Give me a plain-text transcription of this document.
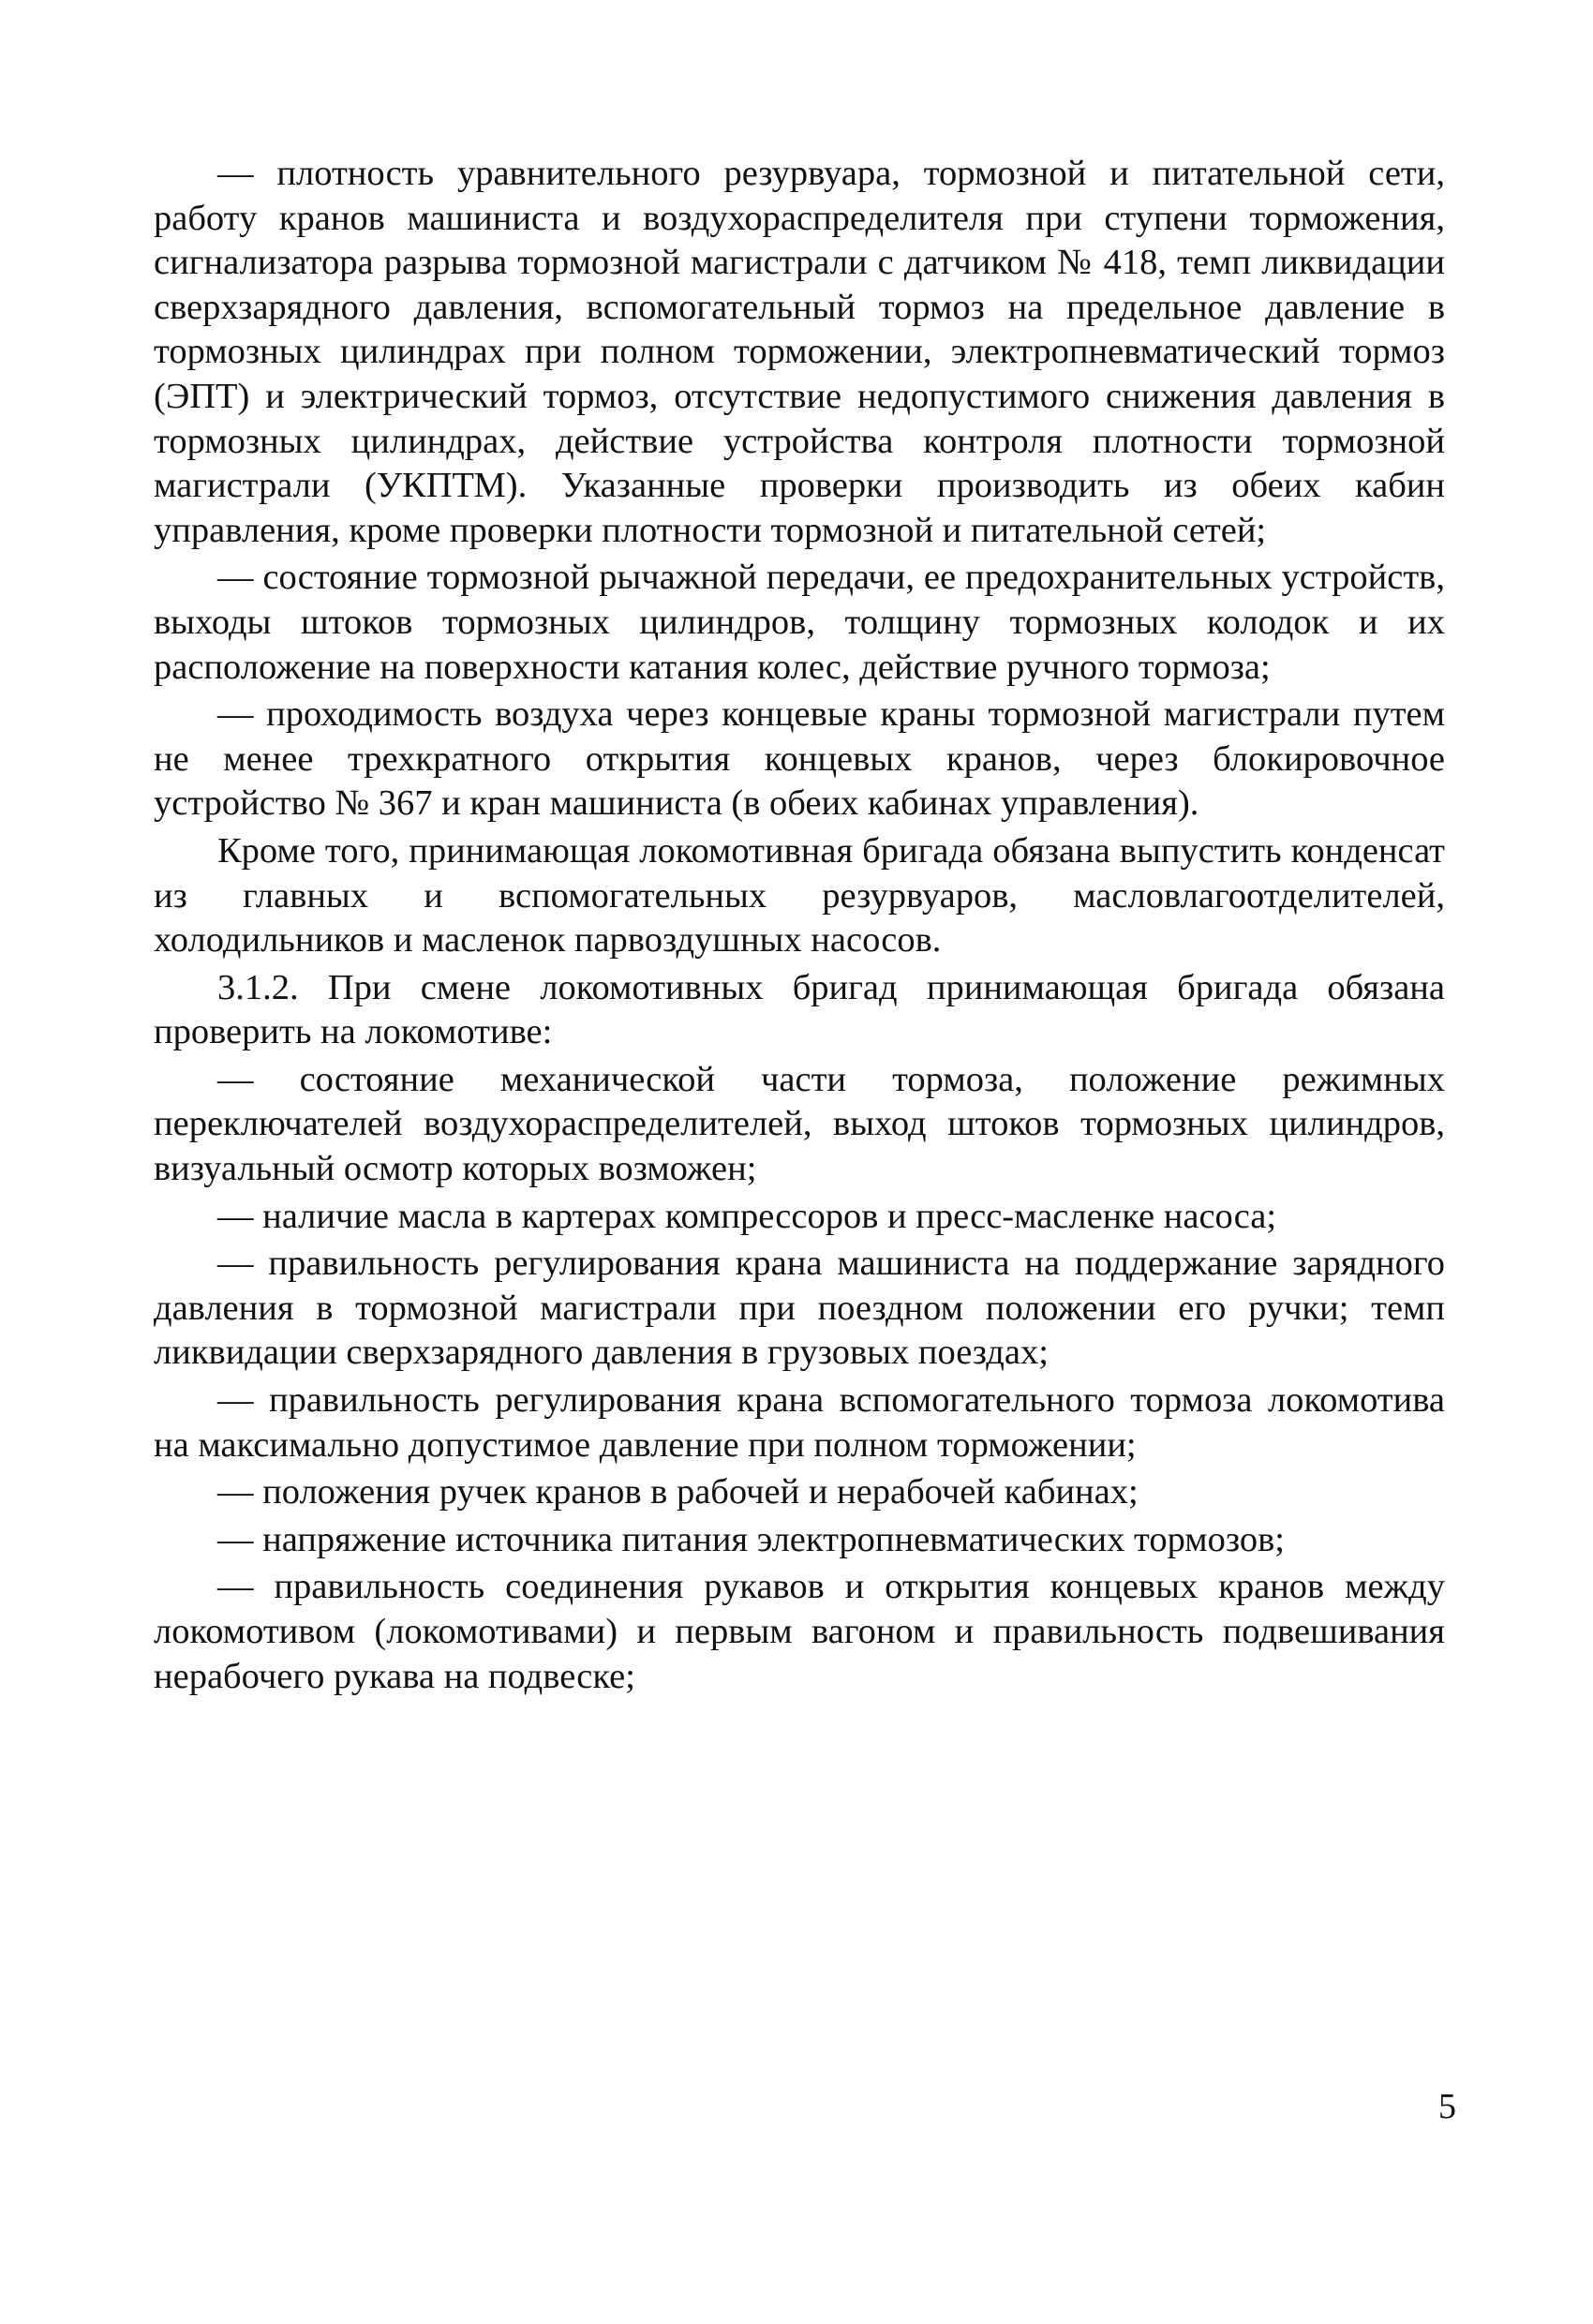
— плотность уравнительного резурвуара, тормозной и питательной сети, работу кранов машиниста и воздухораспределителя при ступени торможения, сигнализатора разрыва тормозной магистрали с датчиком № 418, темп ликвидации сверхзарядного давления, вспомогательный тормоз на предельное давление в тормозных цилиндрах при полном торможении, электропневматический тормоз (ЭПТ) и электрический тормоз, отсутствие недопустимого снижения давления в тормозных цилиндрах, действие устройства контроля плотности тормозной магистрали (УКПТМ). Указанные проверки производить из обеих кабин управления, кроме проверки плотности тормозной и питательной сетей;

— состояние тормозной рычажной передачи, ее предохранительных устройств, выходы штоков тормозных цилиндров, толщину тормозных колодок и их расположение на поверхности катания колес, действие ручного тормоза;

— проходимость воздуха через концевые краны тормозной магистрали путем не менее трехкратного открытия концевых кранов, через блокировочное устройство № 367 и кран машиниста (в обеих кабинах управления).

Кроме того, принимающая локомотивная бригада обязана выпустить конденсат из главных и вспомогательных резурвуаров, масловлагоотделителей, холодильников и масленок парвоздушных насосов.

3.1.2. При смене локомотивных бригад принимающая бригада обязана проверить на локомотиве:

— состояние механической части тормоза, положение режимных переключателей воздухораспределителей, выход штоков тормозных цилиндров, визуальный осмотр которых возможен;

— наличие масла в картерах компрессоров и пресс-масленке насоса;

— правильность регулирования крана машиниста на поддержание зарядного давления в тормозной магистрали при поездном положении его ручки; темп ликвидации сверхзарядного давления в грузовых поездах;

— правильность регулирования крана вспомогательного тормоза локомотива на максимально допустимое давление при полном торможении;

— положения ручек кранов в рабочей и нерабочей кабинах;

— напряжение источника питания электропневматических тормозов;

— правильность соединения рукавов и открытия концевых кранов между локомотивом (локомотивами) и первым вагоном и правильность подвешивания нерабочего рукава на подвеске;

5
